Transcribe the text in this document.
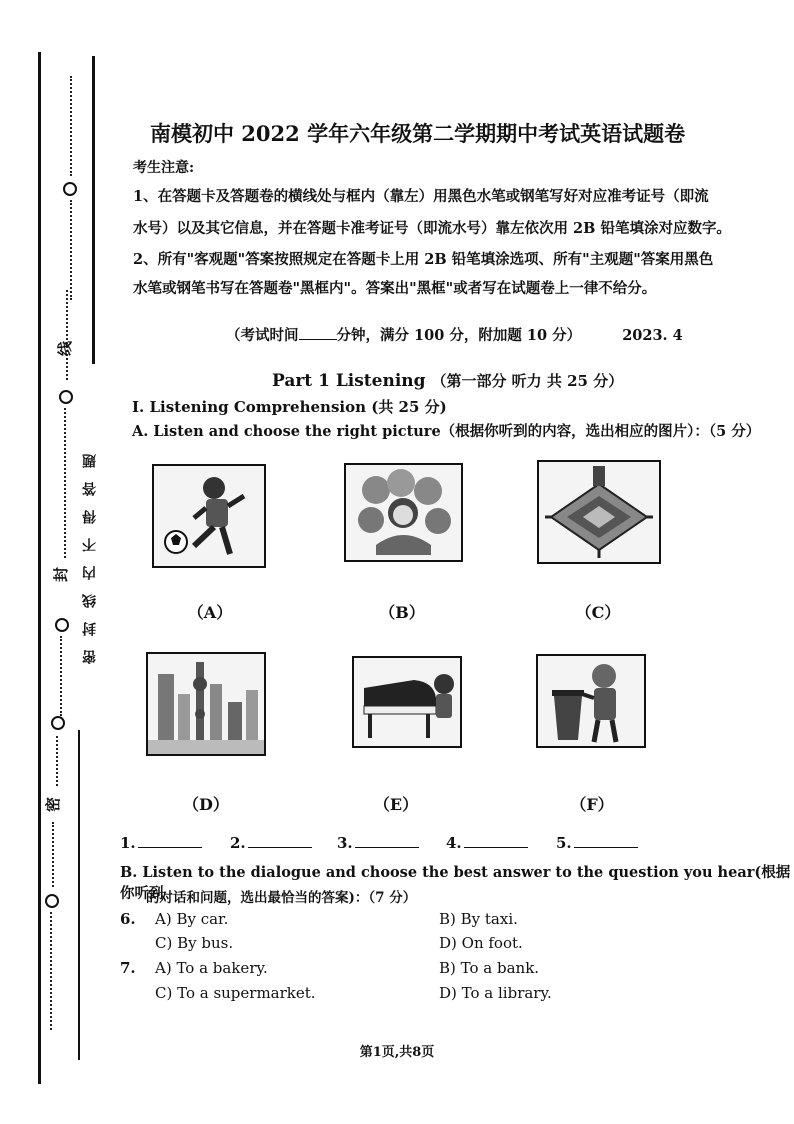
线
封
密
密封线内不得答题
南模初中 2022 学年六年级第二学期期中考试英语试题卷
考生注意:
1、在答题卡及答题卷的横线处与框内（靠左）用黑色水笔或钢笔写好对应准考证号（即流
水号）以及其它信息，并在答题卡准考证号（即流水号）靠左依次用 2B 铅笔填涂对应数字。
2、所有"客观题"答案按照规定在答题卡上用 2B 铅笔填涂选项、所有"主观题"答案用黑色
水笔或钢笔书写在答题卷"黑框内"。答案出"黑框"或者写在试题卷上一律不给分。
（考试时间	分钟，满分 100 分，附加题 10 分）	2023. 4
Part 1 Listening （第一部分 听力 共 25 分）
I. Listening Comprehension (共 25 分)
A. Listen and choose the right picture（根据你听到的内容，选出相应的图片）：（5 分）
（A）	（B）	（C）
（D）	（E）	（F）
1.	2.	3.	4.	5.
B. Listen to the dialogue and choose the best answer to the question you hear(根据你听到
的对话和问题，选出最恰当的答案)：（7 分）
6. A) By car.	B) By taxi.
C) By bus.	D) On foot.
7. A) To a bakery.	B) To a bank.
C) To a supermarket.	D) To a library.
第1页,共8页
